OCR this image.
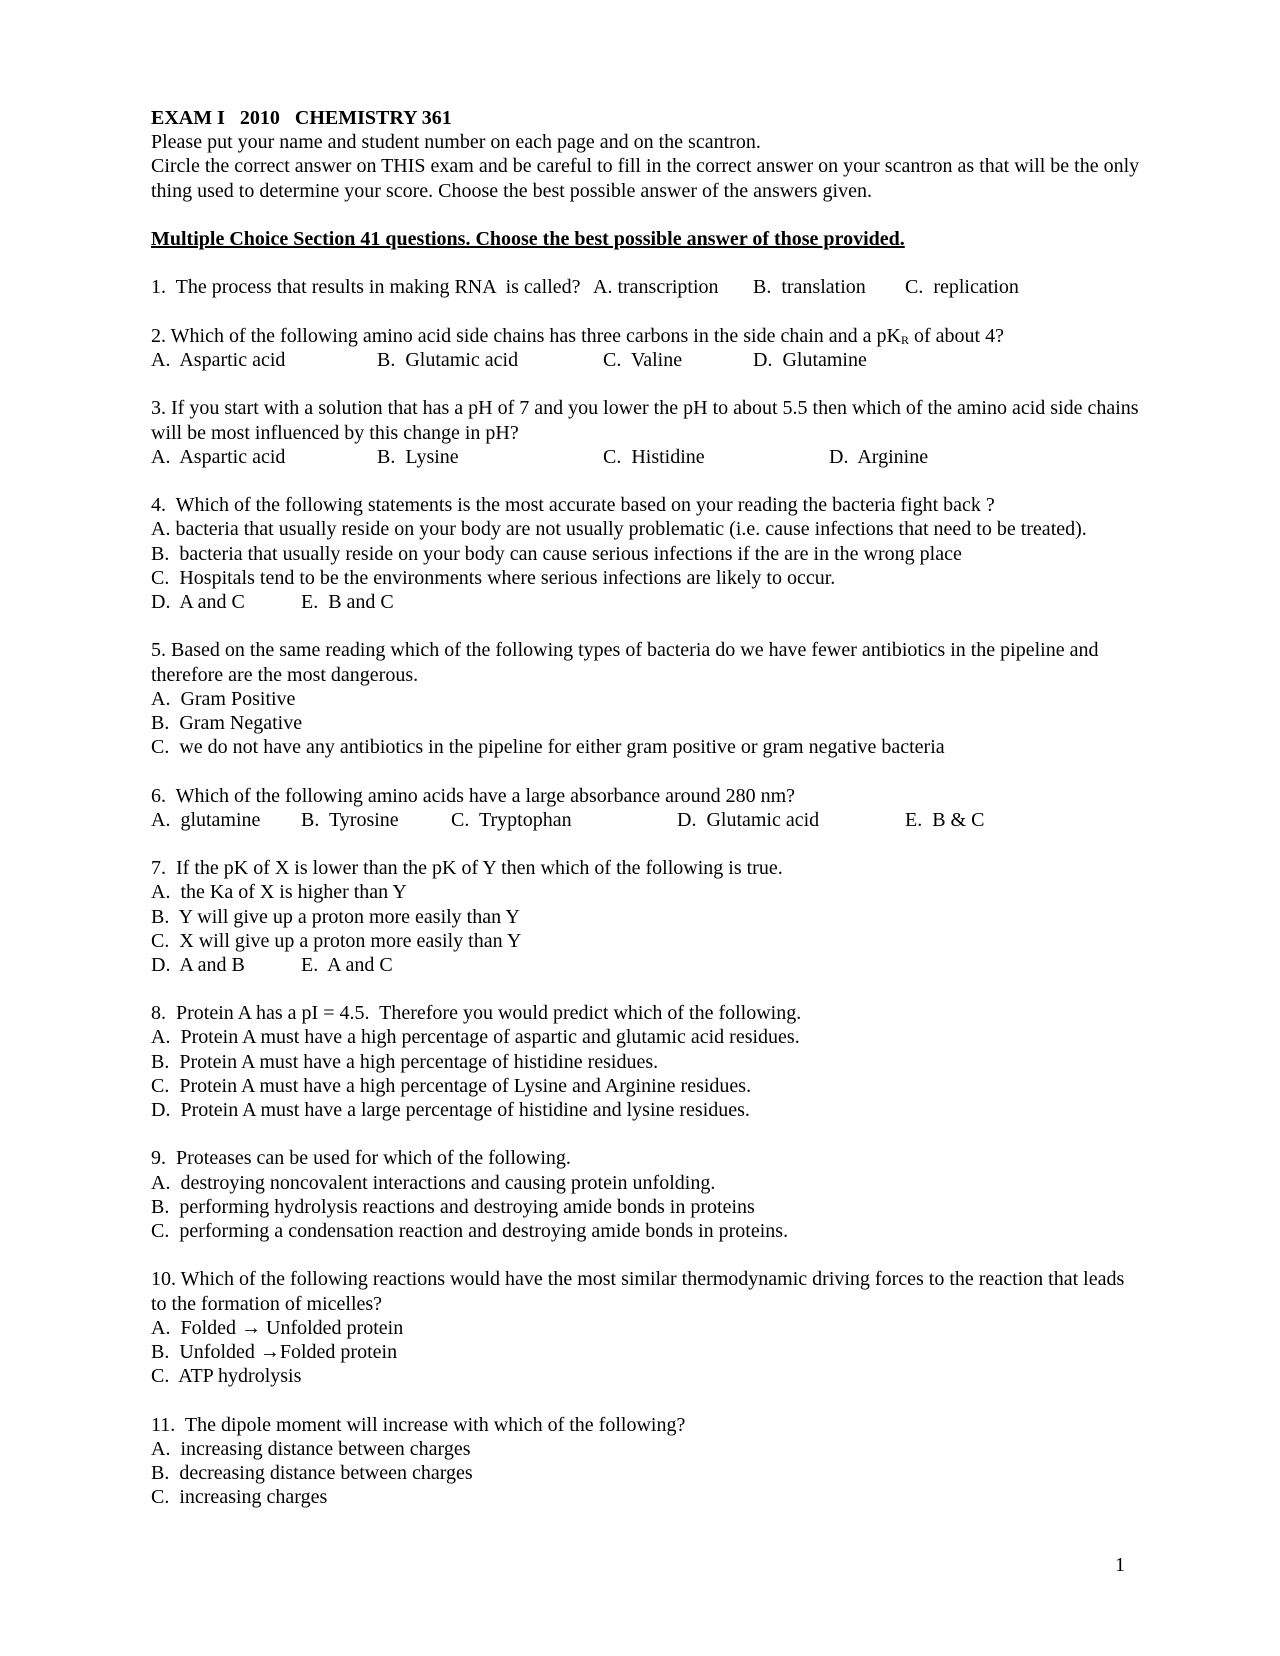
EXAM I   2010   CHEMISTRY 361
Please put your name and student number on each page and on the scantron.
Circle the correct answer on THIS exam and be careful to fill in the correct answer on your scantron as that will be the only thing used to determine your score. Choose the best possible answer of the answers given.
Multiple Choice Section 41 questions. Choose the best possible answer of those provided.
1.  The process that results in making RNA  is called? A. transcription B.  translation C.  replication
2. Which of the following amino acid side chains has three carbons in the side chain and a $pK_R$ of about 4?
A.  Aspartic acid	B.  Glutamic acid	C.  Valine	D.  Glutamine
3. If you start with a solution that has a pH of 7 and you lower the pH to about 5.5 then which of the amino acid side chains will be most influenced by this change in pH?
A.  Aspartic acid	B.  Lysine	C.  Histidine	D.  Arginine
4.  Which of the following statements is the most accurate based on your reading the bacteria fight back ?
A. bacteria that usually reside on your body are not usually problematic (i.e. cause infections that need to be treated).
B.  bacteria that usually reside on your body can cause serious infections if the are in the wrong place
C.  Hospitals tend to be the environments where serious infections are likely to occur.
D.  A and C	E.  B and C
5. Based on the same reading which of the following types of bacteria do we have fewer antibiotics in the pipeline and therefore are the most dangerous.
A.  Gram Positive
B.  Gram Negative
C.  we do not have any antibiotics in the pipeline for either gram positive or gram negative bacteria
6.  Which of the following amino acids have a large absorbance around 280 nm?
A.  glutamine B.  Tyrosine	C.  Tryptophan	D.  Glutamic acid	E.  B & C
7.  If the pK of X is lower than the pK of Y then which of the following is true.
A.  the Ka of X is higher than Y
B.  Y will give up a proton more easily than Y
C.  X will give up a proton more easily than Y
D.  A and B	E.  A and C
8.  Protein A has a pI = 4.5.  Therefore you would predict which of the following.
A.  Protein A must have a high percentage of aspartic and glutamic acid residues.
B.  Protein A must have a high percentage of histidine residues.
C.  Protein A must have a high percentage of Lysine and Arginine residues.
D.  Protein A must have a large percentage of histidine and lysine residues.
9.  Proteases can be used for which of the following.
A.  destroying noncovalent interactions and causing protein unfolding.
B.  performing hydrolysis reactions and destroying amide bonds in proteins
C.  performing a condensation reaction and destroying amide bonds in proteins.
10. Which of the following reactions would have the most similar thermodynamic driving forces to the reaction that leads to the formation of micelles?
A.  Folded → Unfolded protein
B.  Unfolded →Folded protein
C.  ATP hydrolysis
11.  The dipole moment will increase with which of the following?
A.  increasing distance between charges
B.  decreasing distance between charges
C.  increasing charges
1
